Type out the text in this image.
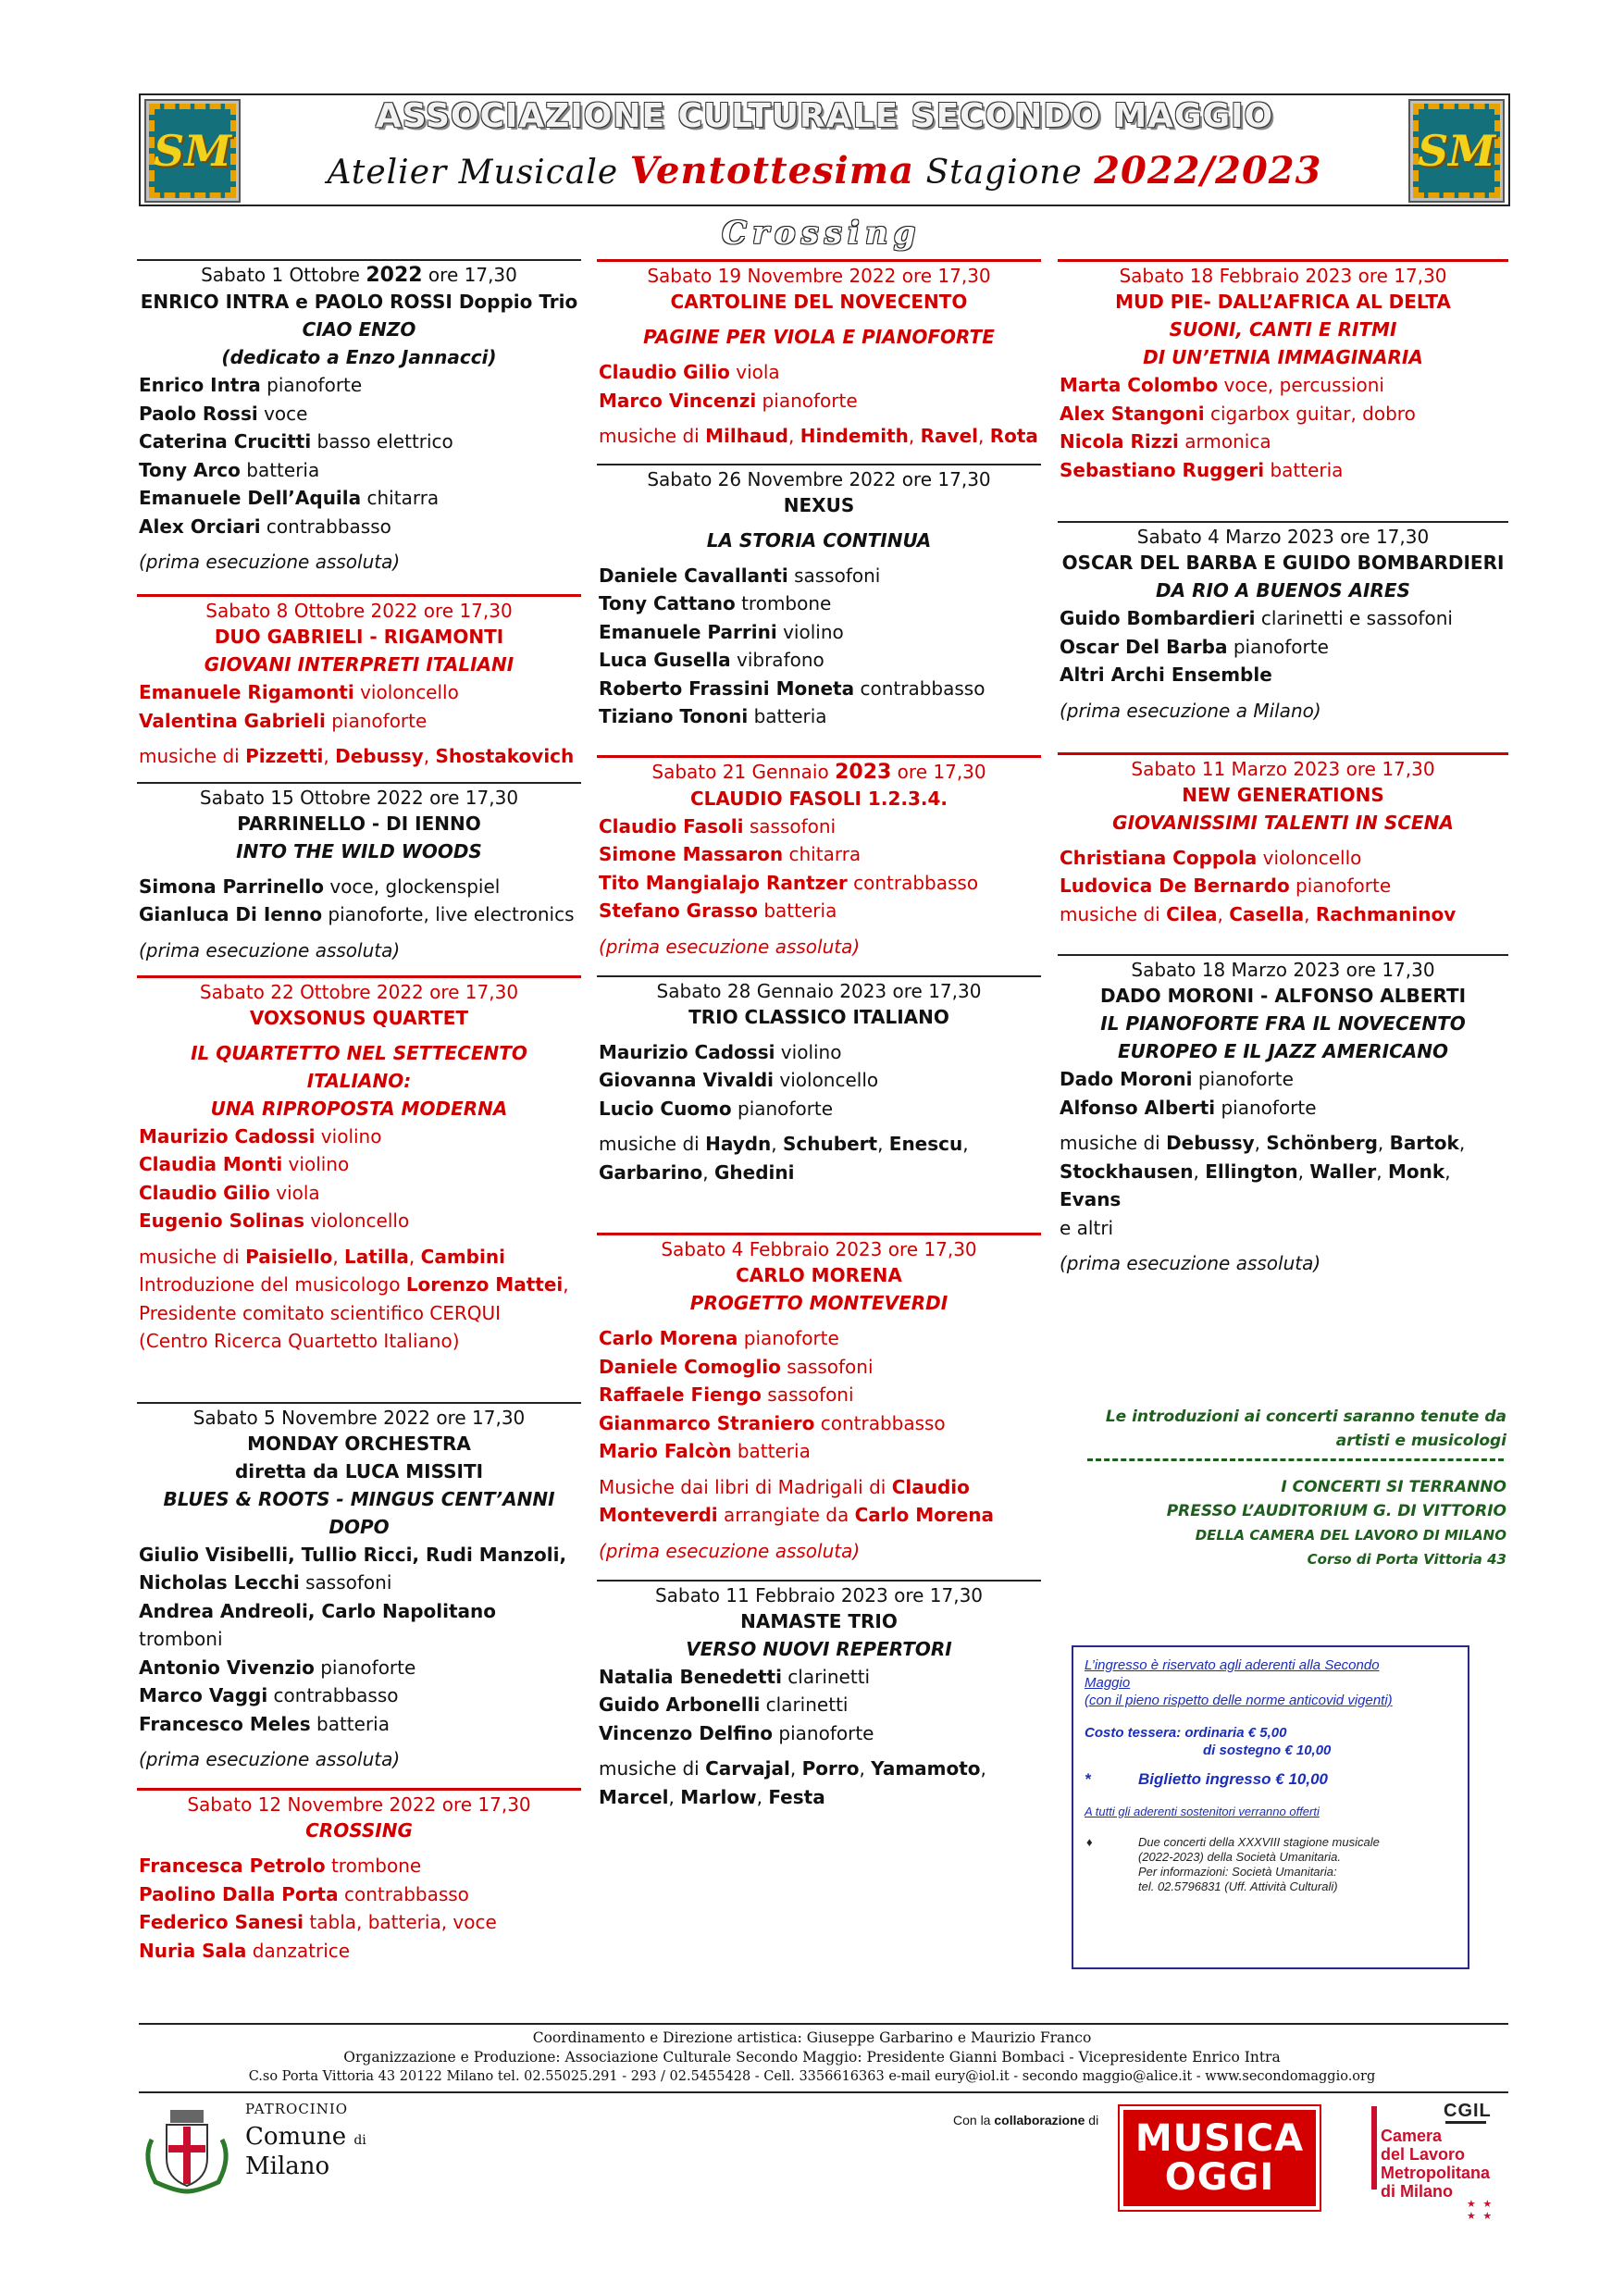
SM
ASSOCIAZIONE CULTURALE SECONDO MAGGIO
Atelier Musicale Ventottesima Stagione 2022/2023	SM
Crossing
Sabato 1 Ottobre 2022 ore 17,30
ENRICO INTRA e PAOLO ROSSI Doppio Trio
CIAO ENZO
(dedicato a Enzo Jannacci)
Enrico Intra pianoforte
Paolo Rossi voce
Caterina Crucitti basso elettrico
Tony Arco batteria
Emanuele Dell’Aquila chitarra
Alex Orciari contrabbasso
(prima esecuzione assoluta)
Sabato 8 Ottobre 2022 ore 17,30
DUO GABRIELI - RIGAMONTI
GIOVANI INTERPRETI ITALIANI
Emanuele Rigamonti violoncello
Valentina Gabrieli pianoforte
musiche di Pizzetti, Debussy, Shostakovich
Sabato 15 Ottobre 2022 ore 17,30
PARRINELLO - DI IENNO
INTO THE WILD WOODS
Simona Parrinello voce, glockenspiel
Gianluca Di Ienno pianoforte, live electronics
(prima esecuzione assoluta)
Sabato 22 Ottobre 2022 ore 17,30
VOXSONUS QUARTET
IL QUARTETTO NEL SETTECENTO ITALIANO:
UNA RIPROPOSTA MODERNA
Maurizio Cadossi violino
Claudia Monti violino
Claudio Gilio viola
Eugenio Solinas violoncello
musiche di Paisiello, Latilla, Cambini
Introduzione del musicologo Lorenzo Mattei,
Presidente comitato scientifico CERQUI
(Centro Ricerca Quartetto Italiano)
Sabato 5 Novembre 2022 ore 17,30
MONDAY ORCHESTRA
diretta da LUCA MISSITI
BLUES & ROOTS - MINGUS CENT’ANNI DOPO
Giulio Visibelli, Tullio Ricci, Rudi Manzoli,
Nicholas Lecchi sassofoni
Andrea Andreoli, Carlo Napolitano tromboni
Antonio Vivenzio pianoforte
Marco Vaggi contrabbasso
Francesco Meles batteria
(prima esecuzione assoluta)
Sabato 12 Novembre 2022 ore 17,30
CROSSING
Francesca Petrolo trombone
Paolino Dalla Porta contrabbasso
Federico Sanesi tabla, batteria, voce
Nuria Sala danzatrice
Sabato 19 Novembre 2022 ore 17,30
CARTOLINE DEL NOVECENTO
PAGINE PER VIOLA E PIANOFORTE
Claudio Gilio viola
Marco Vincenzi pianoforte
musiche di Milhaud, Hindemith, Ravel, Rota
Sabato 26 Novembre 2022 ore 17,30
NEXUS
LA STORIA CONTINUA
Daniele Cavallanti sassofoni
Tony Cattano trombone
Emanuele Parrini violino
Luca Gusella vibrafono
Roberto Frassini Moneta contrabbasso
Tiziano Tononi batteria
Sabato 21 Gennaio 2023 ore 17,30
CLAUDIO FASOLI 1.2.3.4.
Claudio Fasoli sassofoni
Simone Massaron chitarra
Tito Mangialajo Rantzer contrabbasso
Stefano Grasso batteria
(prima esecuzione assoluta)
Sabato 28 Gennaio 2023 ore 17,30
TRIO CLASSICO ITALIANO
Maurizio Cadossi violino
Giovanna Vivaldi violoncello
Lucio Cuomo pianoforte
musiche di Haydn, Schubert, Enescu,
Garbarino, Ghedini
Sabato 4 Febbraio 2023 ore 17,30
CARLO MORENA
PROGETTO MONTEVERDI
Carlo Morena pianoforte
Daniele Comoglio sassofoni
Raffaele Fiengo sassofoni
Gianmarco Straniero contrabbasso
Mario Falcòn batteria
Musiche dai libri di Madrigali di Claudio
Monteverdi arrangiate da Carlo Morena
(prima esecuzione assoluta)
Sabato 11 Febbraio 2023 ore 17,30
NAMASTE TRIO
VERSO NUOVI REPERTORI
Natalia Benedetti clarinetti
Guido Arbonelli clarinetti
Vincenzo Delfino pianoforte
musiche di Carvajal, Porro, Yamamoto,
Marcel, Marlow, Festa
Sabato 18 Febbraio 2023 ore 17,30
MUD PIE- DALL’AFRICA AL DELTA
SUONI, CANTI E RITMI
DI UN’ETNIA IMMAGINARIA
Marta Colombo voce, percussioni
Alex Stangoni cigarbox guitar, dobro
Nicola Rizzi armonica
Sebastiano Ruggeri batteria
Sabato 4 Marzo 2023 ore 17,30
OSCAR DEL BARBA E GUIDO BOMBARDIERI
DA RIO A BUENOS AIRES
Guido Bombardieri clarinetti e sassofoni
Oscar Del Barba pianoforte
Altri Archi Ensemble
(prima esecuzione a Milano)
Sabato 11 Marzo 2023 ore 17,30
NEW GENERATIONS
GIOVANISSIMI TALENTI IN SCENA
Christiana Coppola violoncello
Ludovica De Bernardo pianoforte
musiche di Cilea, Casella, Rachmaninov
Sabato 18 Marzo 2023 ore 17,30
DADO MORONI - ALFONSO ALBERTI
IL PIANOFORTE FRA IL NOVECENTO
EUROPEO E IL JAZZ AMERICANO
Dado Moroni pianoforte
Alfonso Alberti pianoforte
musiche di Debussy, Schönberg, Bartok,
Stockhausen, Ellington, Waller, Monk, Evans
e altri
(prima esecuzione assoluta)
Le introduzioni ai concerti saranno tenute da
artisti e musicologi
I CONCERTI SI TERRANNO
PRESSO L’AUDITORIUM G. DI VITTORIO
DELLA CAMERA DEL LAVORO DI MILANO
Corso di Porta Vittoria 43
L’ingresso è riservato agli aderenti alla Secondo
Maggio
(con il pieno rispetto delle norme anticovid vigenti)
Costo tessera: ordinaria € 5,00
di sostegno € 10,00
*	Biglietto ingresso € 10,00
A tutti gli aderenti sostenitori verranno offerti
♦	Due concerti della XXXVIII stagione musicale
(2022-2023) della Società Umanitaria.
Per informazioni: Società Umanitaria:
tel. 02.5796831 (Uff. Attività Culturali)
Coordinamento e Direzione artistica: Giuseppe Garbarino e Maurizio Franco
Organizzazione e Produzione: Associazione Culturale Secondo Maggio: Presidente Gianni Bombaci - Vicepresidente Enrico Intra
C.so Porta Vittoria 43 20122 Milano tel. 02.55025.291 - 293 / 02.5455428 - Cell. 3356616363 e-mail eury@iol.it - secondo maggio@alice.it - www.secondomaggio.org
PATROCINIO
Comune di
Milano
Con la collaborazione di MUSICA
OGGI
CGIL
Camera
del Lavoro
Metropolitana
di Milano
★ ★ ★ ★
